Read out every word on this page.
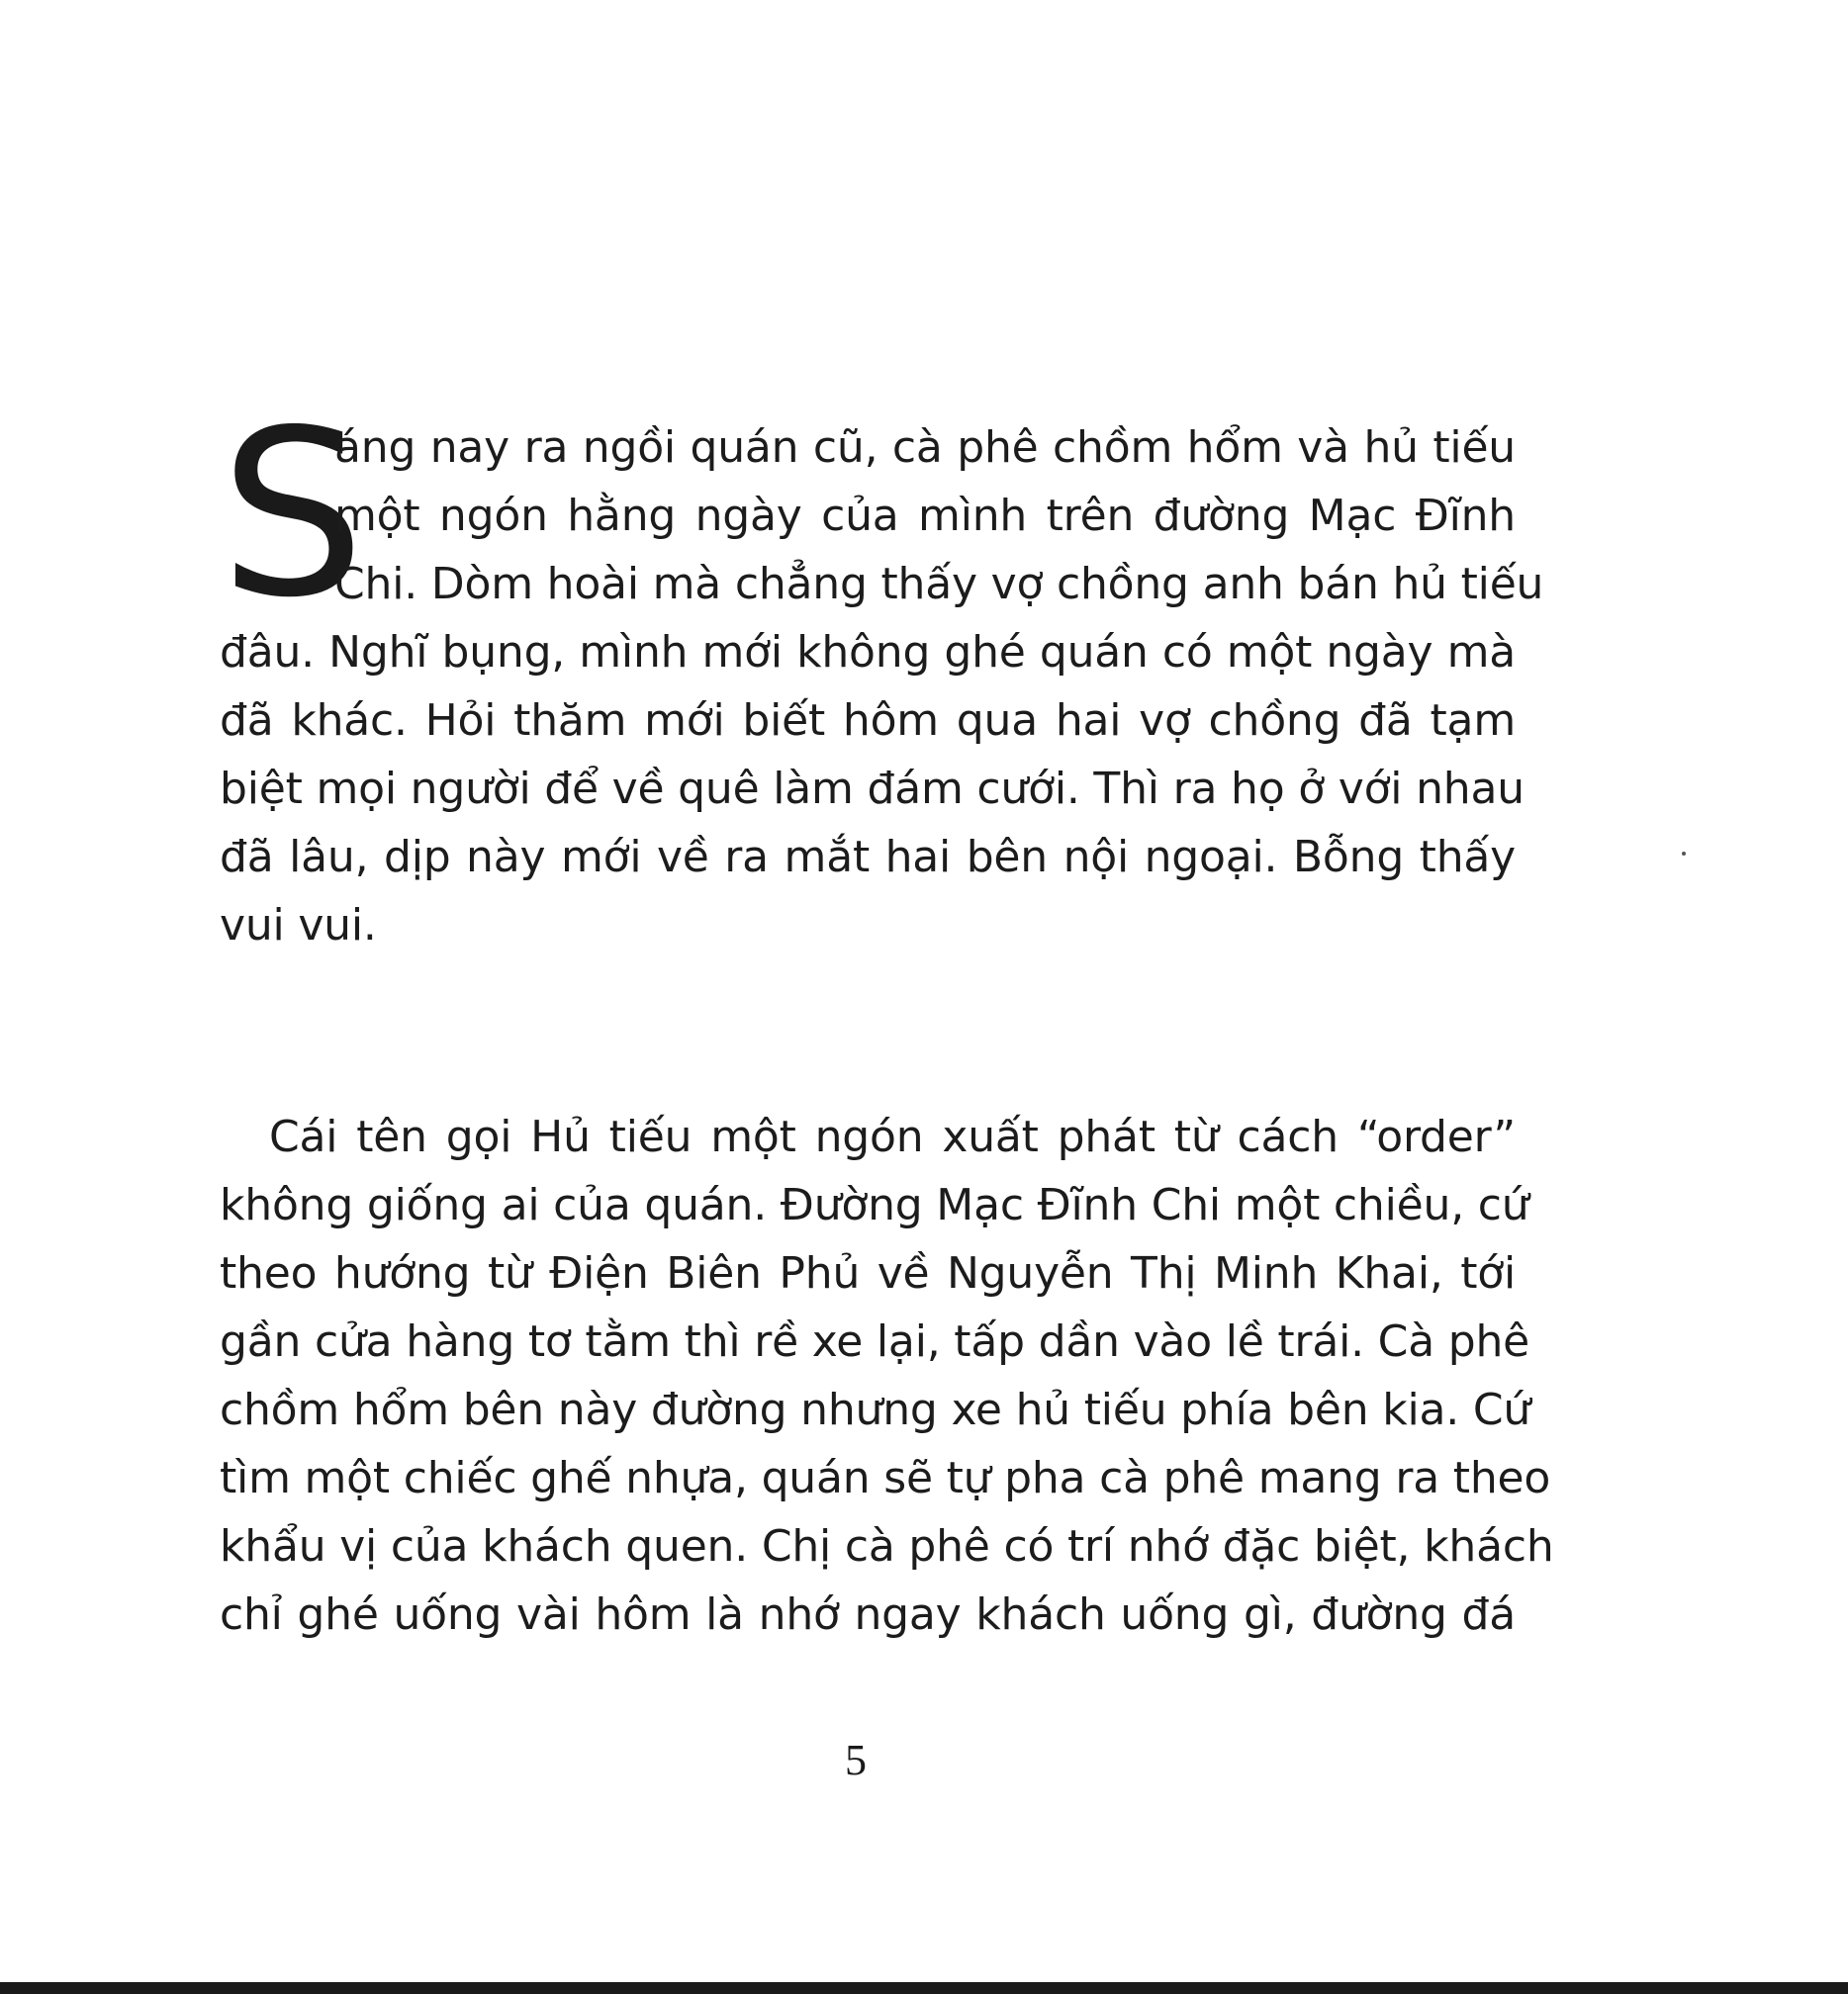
S
áng nay ra ngồi quán cũ, cà phê chồm hổm và hủ tiếu
một ngón hằng ngày của mình trên đường Mạc Đĩnh
Chi. Dòm hoài mà chẳng thấy vợ chồng anh bán hủ tiếu
đâu. Nghĩ bụng, mình mới không ghé quán có một ngày mà
đã khác. Hỏi thăm mới biết hôm qua hai vợ chồng đã tạm
biệt mọi người để về quê làm đám cưới. Thì ra họ ở với nhau
đã lâu, dịp này mới về ra mắt hai bên nội ngoại. Bỗng thấy
vui vui.
Cái tên gọi Hủ tiếu một ngón xuất phát từ cách “order”
không giống ai của quán. Đường Mạc Đĩnh Chi một chiều, cứ
theo hướng từ Điện Biên Phủ về Nguyễn Thị Minh Khai, tới
gần cửa hàng tơ tằm thì rề xe lại, tấp dần vào lề trái. Cà phê
chồm hổm bên này đường nhưng xe hủ tiếu phía bên kia. Cứ
tìm một chiếc ghế nhựa, quán sẽ tự pha cà phê mang ra theo
khẩu vị của khách quen. Chị cà phê có trí nhớ đặc biệt, khách
chỉ ghé uống vài hôm là nhớ ngay khách uống gì, đường đá
5
